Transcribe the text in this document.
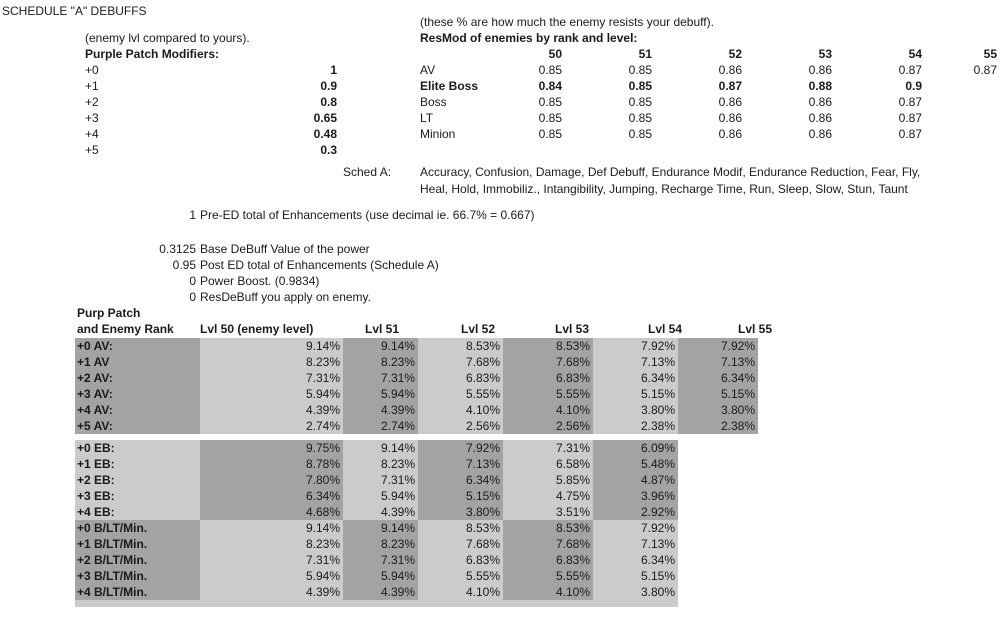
SCHEDULE "A" DEBUFFS
(enemy lvl compared to yours).
Purple Patch Modifiers:
+0	1
+1	0.9
+2	0.8
+3	0.65
+4	0.48
+5	0.3
(these % are how much the enemy resists your debuff).
ResMod of enemies by rank and level:
50	51	52	53	54	55
AV	0.85	0.85	0.86	0.86	0.87	0.87
Elite Boss	0.84	0.85	0.87	0.88	0.9
Boss	0.85	0.85	0.86	0.86	0.87
LT	0.85	0.85	0.86	0.86	0.87
Minion	0.85	0.85	0.86	0.86	0.87
Sched A: Accuracy, Confusion, Damage, Def Debuff, Endurance Modif, Endurance Reduction, Fear, Fly,
Heal, Hold, Immobiliz., Intangibility, Jumping, Recharge Time, Run, Sleep, Slow, Stun, Taunt
1 Pre-ED total of Enhancements (use decimal ie. 66.7% = 0.667)
0.3125 Base DeBuff Value of the power
0.95 Post ED total of Enhancements (Schedule A)
0 Power Boost. (0.9834)
0 ResDeBuff you apply on enemy.
Purp Patch
and Enemy Rank Lvl 50 (enemy level)	Lvl 51	Lvl 52	Lvl 53	Lvl 54	Lvl 55
+0 AV:	9.14%	9.14%	8.53%	8.53%	7.92%	7.92%
+1 AV	8.23%	8.23%	7.68%	7.68%	7.13%	7.13%
+2 AV:	7.31%	7.31%	6.83%	6.83%	6.34%	6.34%
+3 AV:	5.94%	5.94%	5.55%	5.55%	5.15%	5.15%
+4 AV:	4.39%	4.39%	4.10%	4.10%	3.80%	3.80%
+5 AV:	2.74%	2.74%	2.56%	2.56%	2.38%	2.38%
+0 EB:	9.75%	9.14%	7.92%	7.31%	6.09%
+1 EB:	8.78%	8.23%	7.13%	6.58%	5.48%
+2 EB:	7.80%	7.31%	6.34%	5.85%	4.87%
+3 EB:	6.34%	5.94%	5.15%	4.75%	3.96%
+4 EB:	4.68%	4.39%	3.80%	3.51%	2.92%
+0 B/LT/Min.	9.14%	9.14%	8.53%	8.53%	7.92%
+1 B/LT/Min.	8.23%	8.23%	7.68%	7.68%	7.13%
+2 B/LT/Min.	7.31%	7.31%	6.83%	6.83%	6.34%
+3 B/LT/Min.	5.94%	5.94%	5.55%	5.55%	5.15%
+4 B/LT/Min.	4.39%	4.39%	4.10%	4.10%	3.80%
